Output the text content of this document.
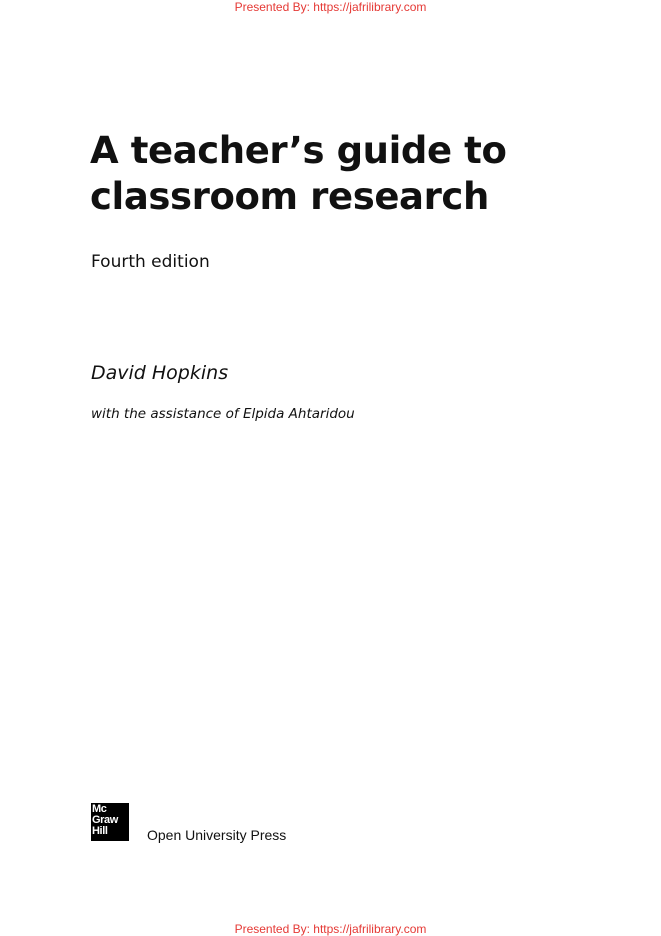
Presented By: https://jafrilibrary.com
A teacher’s guide to
classroom research
Fourth edition
David Hopkins
with the assistance of Elpida Ahtaridou
Mc
Graw
Hill	Open University Press
Presented By: https://jafrilibrary.com
